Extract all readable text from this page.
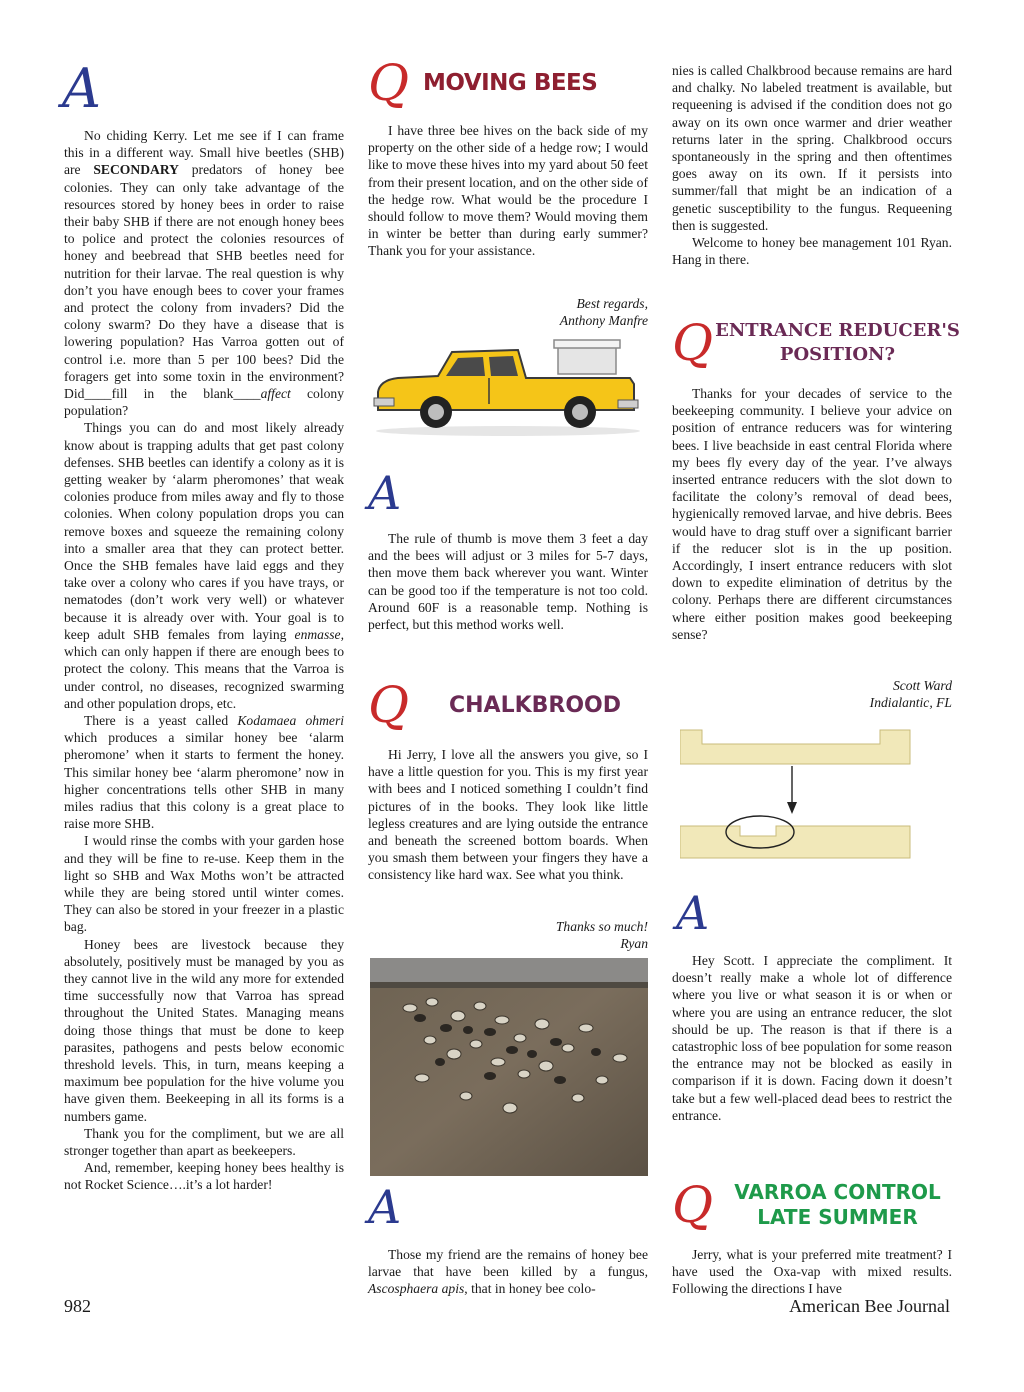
A

No chiding Kerry. Let me see if I can frame this in a different way. Small hive beetles (SHB) are SECONDARY predators of honey bee colonies. They can only take advantage of the resources stored by honey bees in order to raise their baby SHB if there are not enough honey bees to police and protect the colonies resources of honey and beebread that SHB beetles need for nutrition for their larvae. The real question is why don’t you have enough bees to cover your frames and protect the colony from invaders? Did the colony swarm? Do they have a disease that is lowering population? Has Varroa gotten out of control i.e. more than 5 per 100 bees? Did the foragers get into some toxin in the environment? Did____fill in the blank____affect colony population?

Things you can do and most likely already know about is trapping adults that get past colony defenses. SHB beetles can identify a colony as it is getting weaker by ‘alarm pheromones’ that weak colonies produce from miles away and fly to those colonies. When colony population drops you can remove boxes and squeeze the remaining colony into a smaller area that they can protect better. Once the SHB females have laid eggs and they take over a colony who cares if you have trays, or nematodes (don’t work very well) or whatever because it is already over with. Your goal is to keep adult SHB females from laying enmasse, which can only happen if there are enough bees to protect the colony. This means that the Varroa is under control, no diseases, recognized swarming and other population drops, etc.

There is a yeast called Kodamaea ohmeri which produces a similar honey bee ‘alarm pheromone’ when it starts to ferment the honey. This similar honey bee ‘alarm pheromone’ now in higher concentrations tells other SHB in many miles radius that this colony is a great place to raise more SHB.

I would rinse the combs with your garden hose and they will be fine to re-use. Keep them in the light so SHB and Wax Moths won’t be attracted while they are being stored until winter comes. They can also be stored in your freezer in a plastic bag.

Honey bees are livestock because they absolutely, positively must be managed by you as they cannot live in the wild any more for extended time successfully now that Varroa has spread throughout the United States. Managing means doing those things that must be done to keep parasites, pathogens and pests below economic threshold levels. This, in turn, means keeping a maximum bee population for the hive volume you have given them. Beekeeping in all its forms is a numbers game.

Thank you for the compliment, but we are all stronger together than apart as beekeepers.

And, remember, keeping honey bees healthy is not Rocket Science….it’s a lot harder!

Q MOVING BEES

I have three bee hives on the back side of my property on the other side of a hedge row; I would like to move these hives into my yard about 50 feet from their present location, and on the other side of the hedge row. What would be the procedure I should follow to move them? Would moving them in winter be better than during early summer? Thank you for your assistance.

Best regards,
Anthony Manfre
A

The rule of thumb is move them 3 feet a day and the bees will adjust or 3 miles for 5-7 days, then move them back wherever you want. Winter can be good too if the temperature is not too cold. Around 60F is a reasonable temp. Nothing is perfect, but this method works well.

Q CHALKBROOD

Hi Jerry, I love all the answers you give, so I have a little question for you. This is my first year with bees and I noticed something I couldn’t find pictures of in the books. They look like little legless creatures and are lying outside the entrance and beneath the screened bottom boards. When you smash them between your fingers they have a consistency like hard wax. See what you think.

Thanks so much!
Ryan
A

Those my friend are the remains of honey bee larvae that have been killed by a fungus, Ascosphaera apis, that in honey bee colo-

nies is called Chalkbrood because remains are hard and chalky. No labeled treatment is available, but requeening is advised if the condition does not go away on its own once warmer and drier weather returns later in the spring. Chalkbrood occurs spontaneously in the spring and then oftentimes goes away on its own. If it persists into summer/fall that might be an indication of a genetic susceptibility to the fungus. Requeening then is suggested.

Welcome to honey bee management 101 Ryan. Hang in there.

Q ENTRANCE REDUCER'S
POSITION?

Thanks for your decades of service to the beekeeping community. I believe your advice on position of entrance reducers was for wintering bees. I live beachside in east central Florida where my bees fly every day of the year. I’ve always inserted entrance reducers with the slot down to facilitate the colony’s removal of dead bees, hygienically removed larvae, and hive debris. Bees would have to drag stuff over a significant barrier if the reducer slot is in the up position. Accordingly, I insert entrance reducers with slot down to expedite elimination of detritus by the colony. Perhaps there are different circumstances where either position makes good beekeeping sense?

Scott Ward
Indialantic, FL
A

Hey Scott. I appreciate the compliment. It doesn’t really make a whole lot of difference where you live or what season it is or when or where you are using an entrance reducer, the slot should be up. The reason is that if there is a catastrophic loss of bee population for some reason the entrance may not be blocked as easily in comparison if it is down. Facing down it doesn’t take but a few well-placed dead bees to restrict the entrance.

Q	VARROA CONTROL
LATE SUMMER

Jerry, what is your preferred mite treatment? I have used the Oxa-vap with mixed results. Following the directions I have

982	American Bee Journal
